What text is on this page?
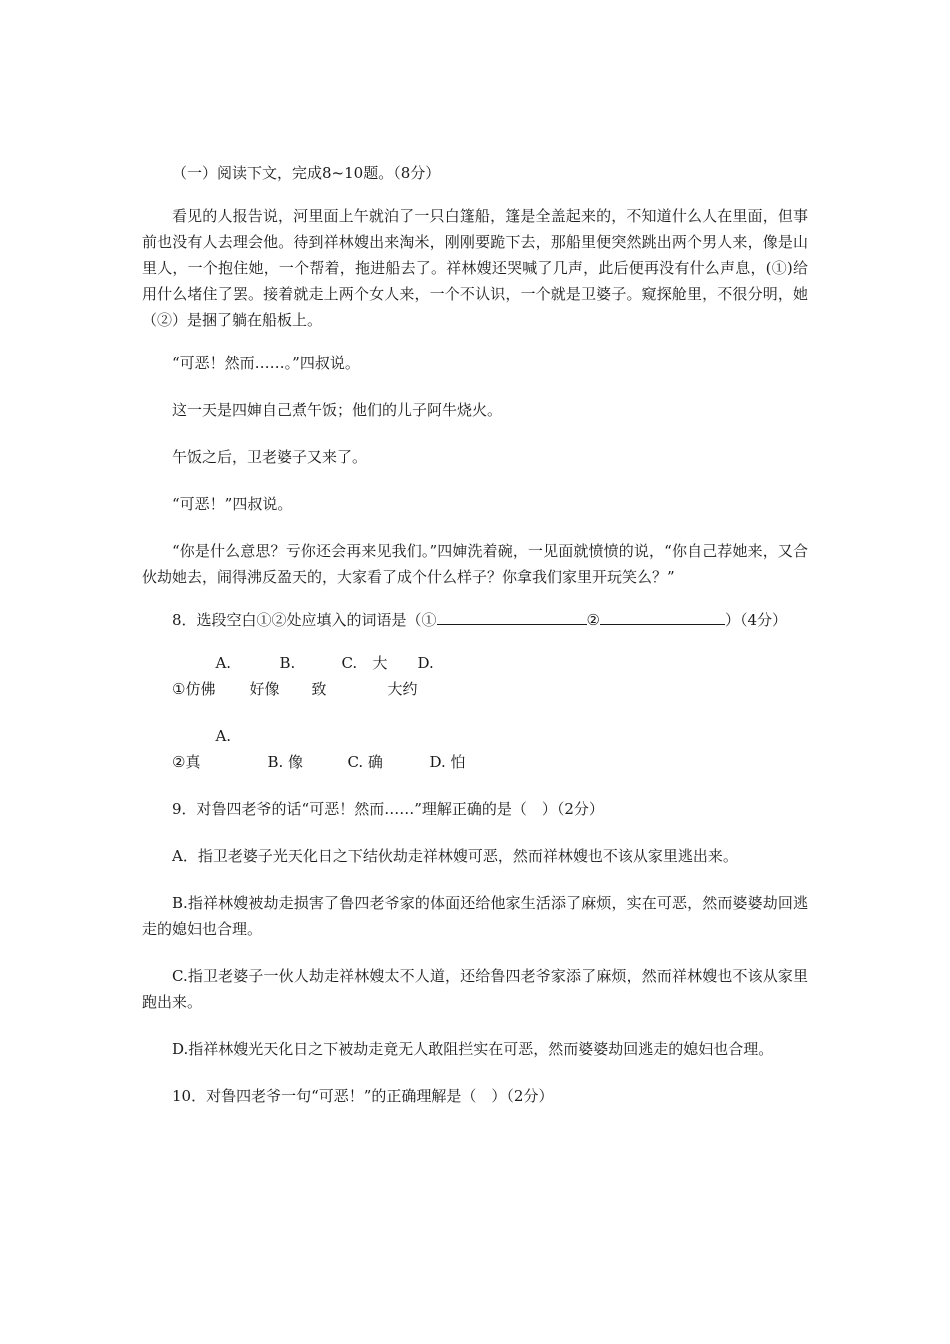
（一）阅读下文，完成8~10题。（8分）

看见的人报告说，河里面上午就泊了一只白篷船，篷是全盖起来的，不知道什么人在里面，但事前也没有人去理会他。待到祥林嫂出来淘米，刚刚要跪下去，那船里便突然跳出两个男人来，像是山里人，一个抱住她，一个帮着，拖进船去了。祥林嫂还哭喊了几声，此后便再没有什么声息，(①)给用什么堵住了罢。接着就走上两个女人来，一个不认识，一个就是卫婆子。窥探舱里，不很分明，她（②）是捆了躺在船板上。

“可恶！然而……。”四叔说。

这一天是四婶自己煮午饭；他们的儿子阿牛烧火。

午饭之后，卫老婆子又来了。

“可恶！”四叔说。

“你是什么意思？亏你还会再来见我们。”四婶洗着碗，一见面就愤愤的说，“你自己荐她来，又合伙劫她去，闹得沸反盈天的，大家看了成个什么样子？你拿我们家里开玩笑么？”

8．选段空白①②处应填入的词语是（①	②	）（4分）

①A. 仿佛B. 好像C. 大致D. 大约

②A. 真	B. 像	C. 确	D. 怕

9．对鲁四老爷的话“可恶！然而……”理解正确的是（　）（2分）

A．指卫老婆子光天化日之下结伙劫走祥林嫂可恶，然而祥林嫂也不该从家里逃出来。

B.指祥林嫂被劫走损害了鲁四老爷家的体面还给他家生活添了麻烦，实在可恶，然而婆婆劫回逃走的媳妇也合理。

C.指卫老婆子一伙人劫走祥林嫂太不人道，还给鲁四老爷家添了麻烦，然而祥林嫂也不该从家里跑出来。

D.指祥林嫂光天化日之下被劫走竟无人敢阻拦实在可恶，然而婆婆劫回逃走的媳妇也合理。

10．对鲁四老爷一句“可恶！”的正确理解是（　）（2分）
